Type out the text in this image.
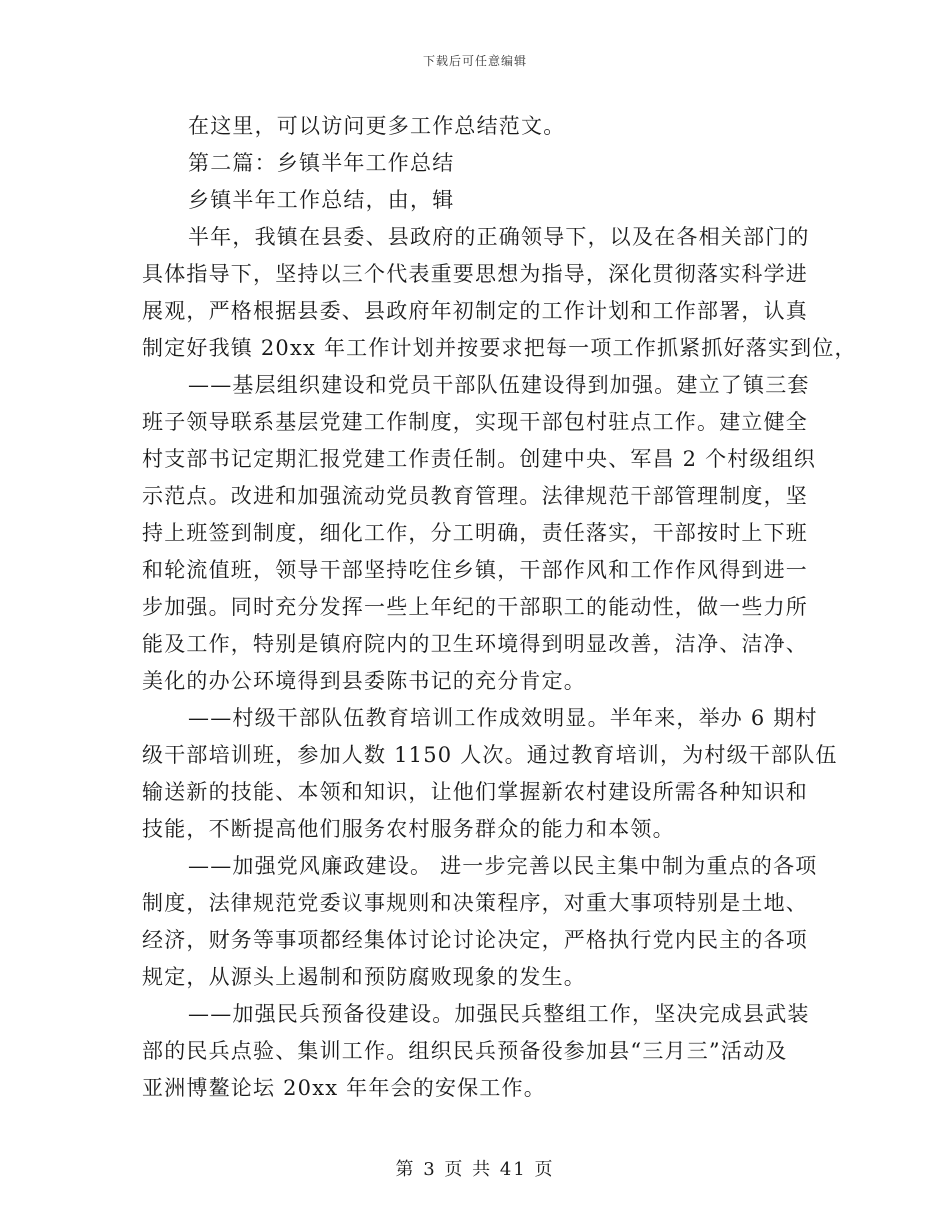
下载后可任意编辑
在这里，可以访问更多工作总结范文。
第二篇：乡镇半年工作总结
乡镇半年工作总结，由，辑
半年，我镇在县委、县政府的正确领导下，以及在各相关部门的
具体指导下，坚持以三个代表重要思想为指导，深化贯彻落实科学进
展观，严格根据县委、县政府年初制定的工作计划和工作部署，认真
制定好我镇 20xx 年工作计划并按要求把每一项工作抓紧抓好落实到位，
——基层组织建设和党员干部队伍建设得到加强。建立了镇三套
班子领导联系基层党建工作制度，实现干部包村驻点工作。建立健全
村支部书记定期汇报党建工作责任制。创建中央、军昌 2 个村级组织
示范点。改进和加强流动党员教育管理。法律规范干部管理制度，坚
持上班签到制度，细化工作，分工明确，责任落实，干部按时上下班
和轮流值班，领导干部坚持吃住乡镇，干部作风和工作作风得到进一
步加强。同时充分发挥一些上年纪的干部职工的能动性，做一些力所
能及工作，特别是镇府院内的卫生环境得到明显改善，洁净、洁净、
美化的办公环境得到县委陈书记的充分肯定。
——村级干部队伍教育培训工作成效明显。半年来，举办 6 期村
级干部培训班，参加人数 1150 人次。通过教育培训，为村级干部队伍
输送新的技能、本领和知识，让他们掌握新农村建设所需各种知识和
技能，不断提高他们服务农村服务群众的能力和本领。
——加强党风廉政建设。 进一步完善以民主集中制为重点的各项
制度，法律规范党委议事规则和决策程序，对重大事项特别是土地、
经济，财务等事项都经集体讨论讨论决定，严格执行党内民主的各项
规定，从源头上遏制和预防腐败现象的发生。
——加强民兵预备役建设。加强民兵整组工作，坚决完成县武装
部的民兵点验、集训工作。组织民兵预备役参加县“三月三”活动及
亚洲博鳌论坛 20xx 年年会的安保工作。
第 3 页 共 41 页
